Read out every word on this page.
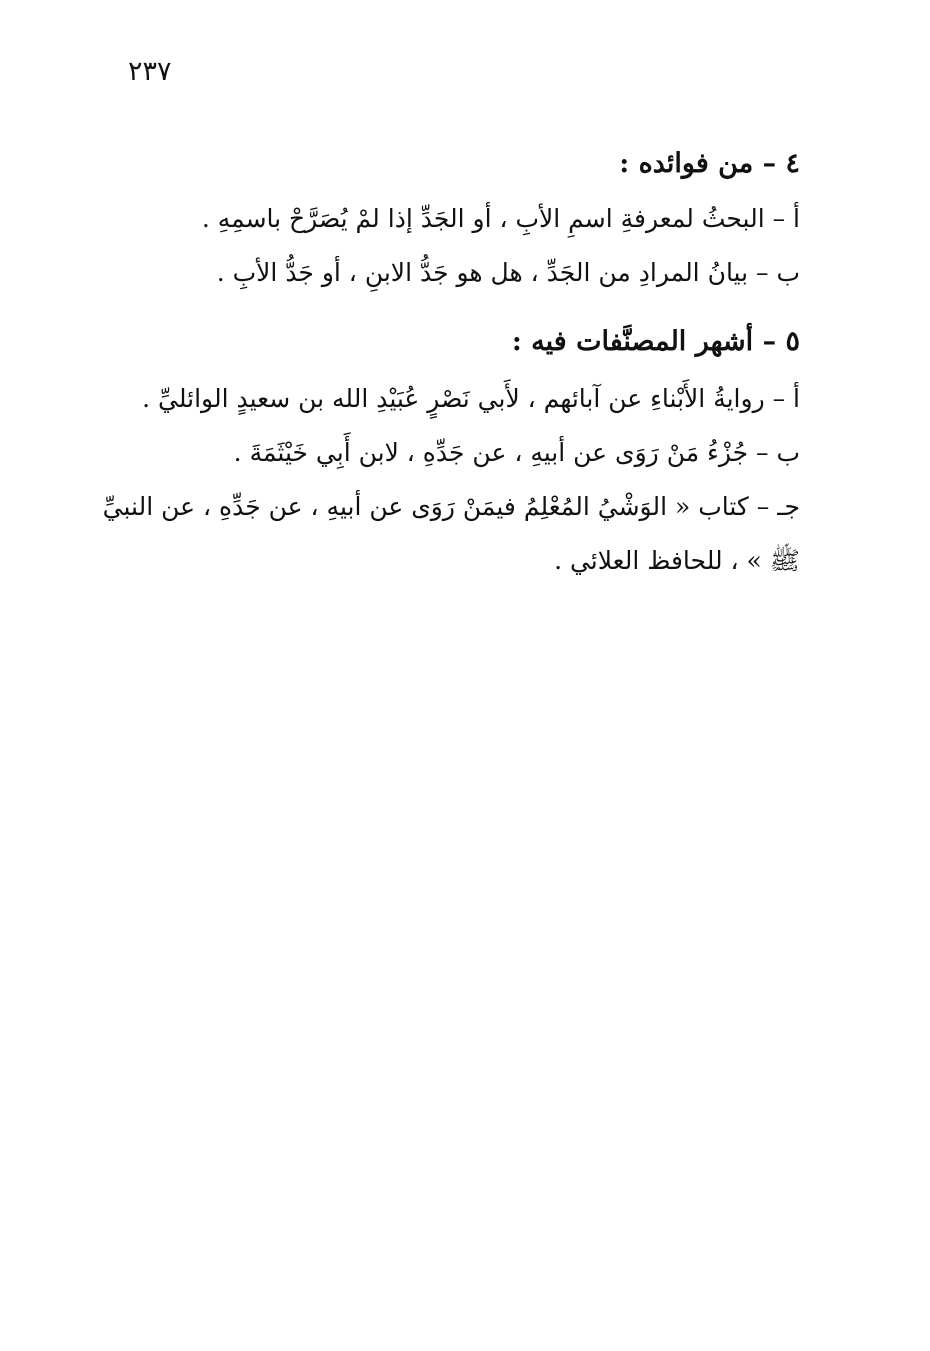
٢٣٧
٤ – من فوائده :

أ – البحثُ لمعرفةِ اسمِ الأبِ ، أو الجَدِّ إذا لمْ يُصَرَّحْ باسمِهِ .

ب – بيانُ المرادِ من الجَدِّ ، هل هو جَدُّ الابنِ ، أو جَدُّ الأبِ .

٥ – أشهر المصنَّفات فيه :

أ – روايةُ الأَبْناءِ عن آبائهم ، لأَبي نَصْرٍ عُبَيْدِ الله بن سعيدٍ الوائليِّ .

ب – جُزْءُ مَنْ رَوَى عن أبيهِ ، عن جَدِّهِ ، لابن أَبِي خَيْثَمَةَ .

جـ – كتاب « الوَشْيُ المُعْلِمُ فيمَنْ رَوَى عن أبيهِ ، عن جَدِّهِ ، عن النبيِّ ﷺ » ، للحافظ العلائي .
